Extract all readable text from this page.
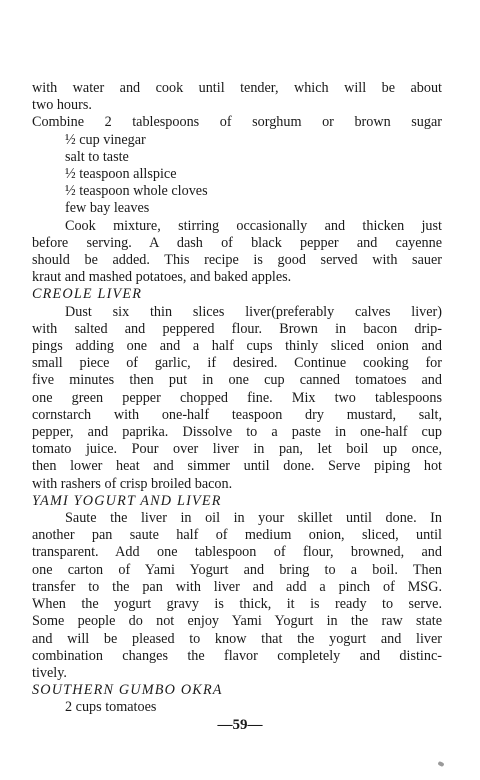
with water and cook until tender, which will be about
two hours.
Combine 2 tablespoons of sorghum or brown sugar
½ cup vinegar
salt to taste
½ teaspoon allspice
½ teaspoon whole cloves
few bay leaves
Cook mixture, stirring occasionally and thicken just
before serving. A dash of black pepper and cayenne
should be added. This recipe is good served with sauer
kraut and mashed potatoes, and baked apples.
CREOLE LIVER
Dust six thin slices liver(preferably calves liver)
with salted and peppered flour. Brown in bacon drip-
pings adding one and a half cups thinly sliced onion and
small piece of garlic, if desired. Continue cooking for
five minutes then put in one cup canned tomatoes and
one green pepper chopped fine. Mix two tablespoons
cornstarch with one-half teaspoon dry mustard, salt,
pepper, and paprika. Dissolve to a paste in one-half cup
tomato juice. Pour over liver in pan, let boil up once,
then lower heat and simmer until done. Serve piping hot
with rashers of crisp broiled bacon.
YAMI YOGURT AND LIVER
Saute the liver in oil in your skillet until done. In
another pan saute half of medium onion, sliced, until
transparent. Add one tablespoon of flour, browned, and
one carton of Yami Yogurt and bring to a boil. Then
transfer to the pan with liver and add a pinch of MSG.
When the yogurt gravy is thick, it is ready to serve.
Some people do not enjoy Yami Yogurt in the raw state
and will be pleased to know that the yogurt and liver
combination changes the flavor completely and distinc-
tively.
SOUTHERN GUMBO OKRA
2 cups tomatoes
—59—
